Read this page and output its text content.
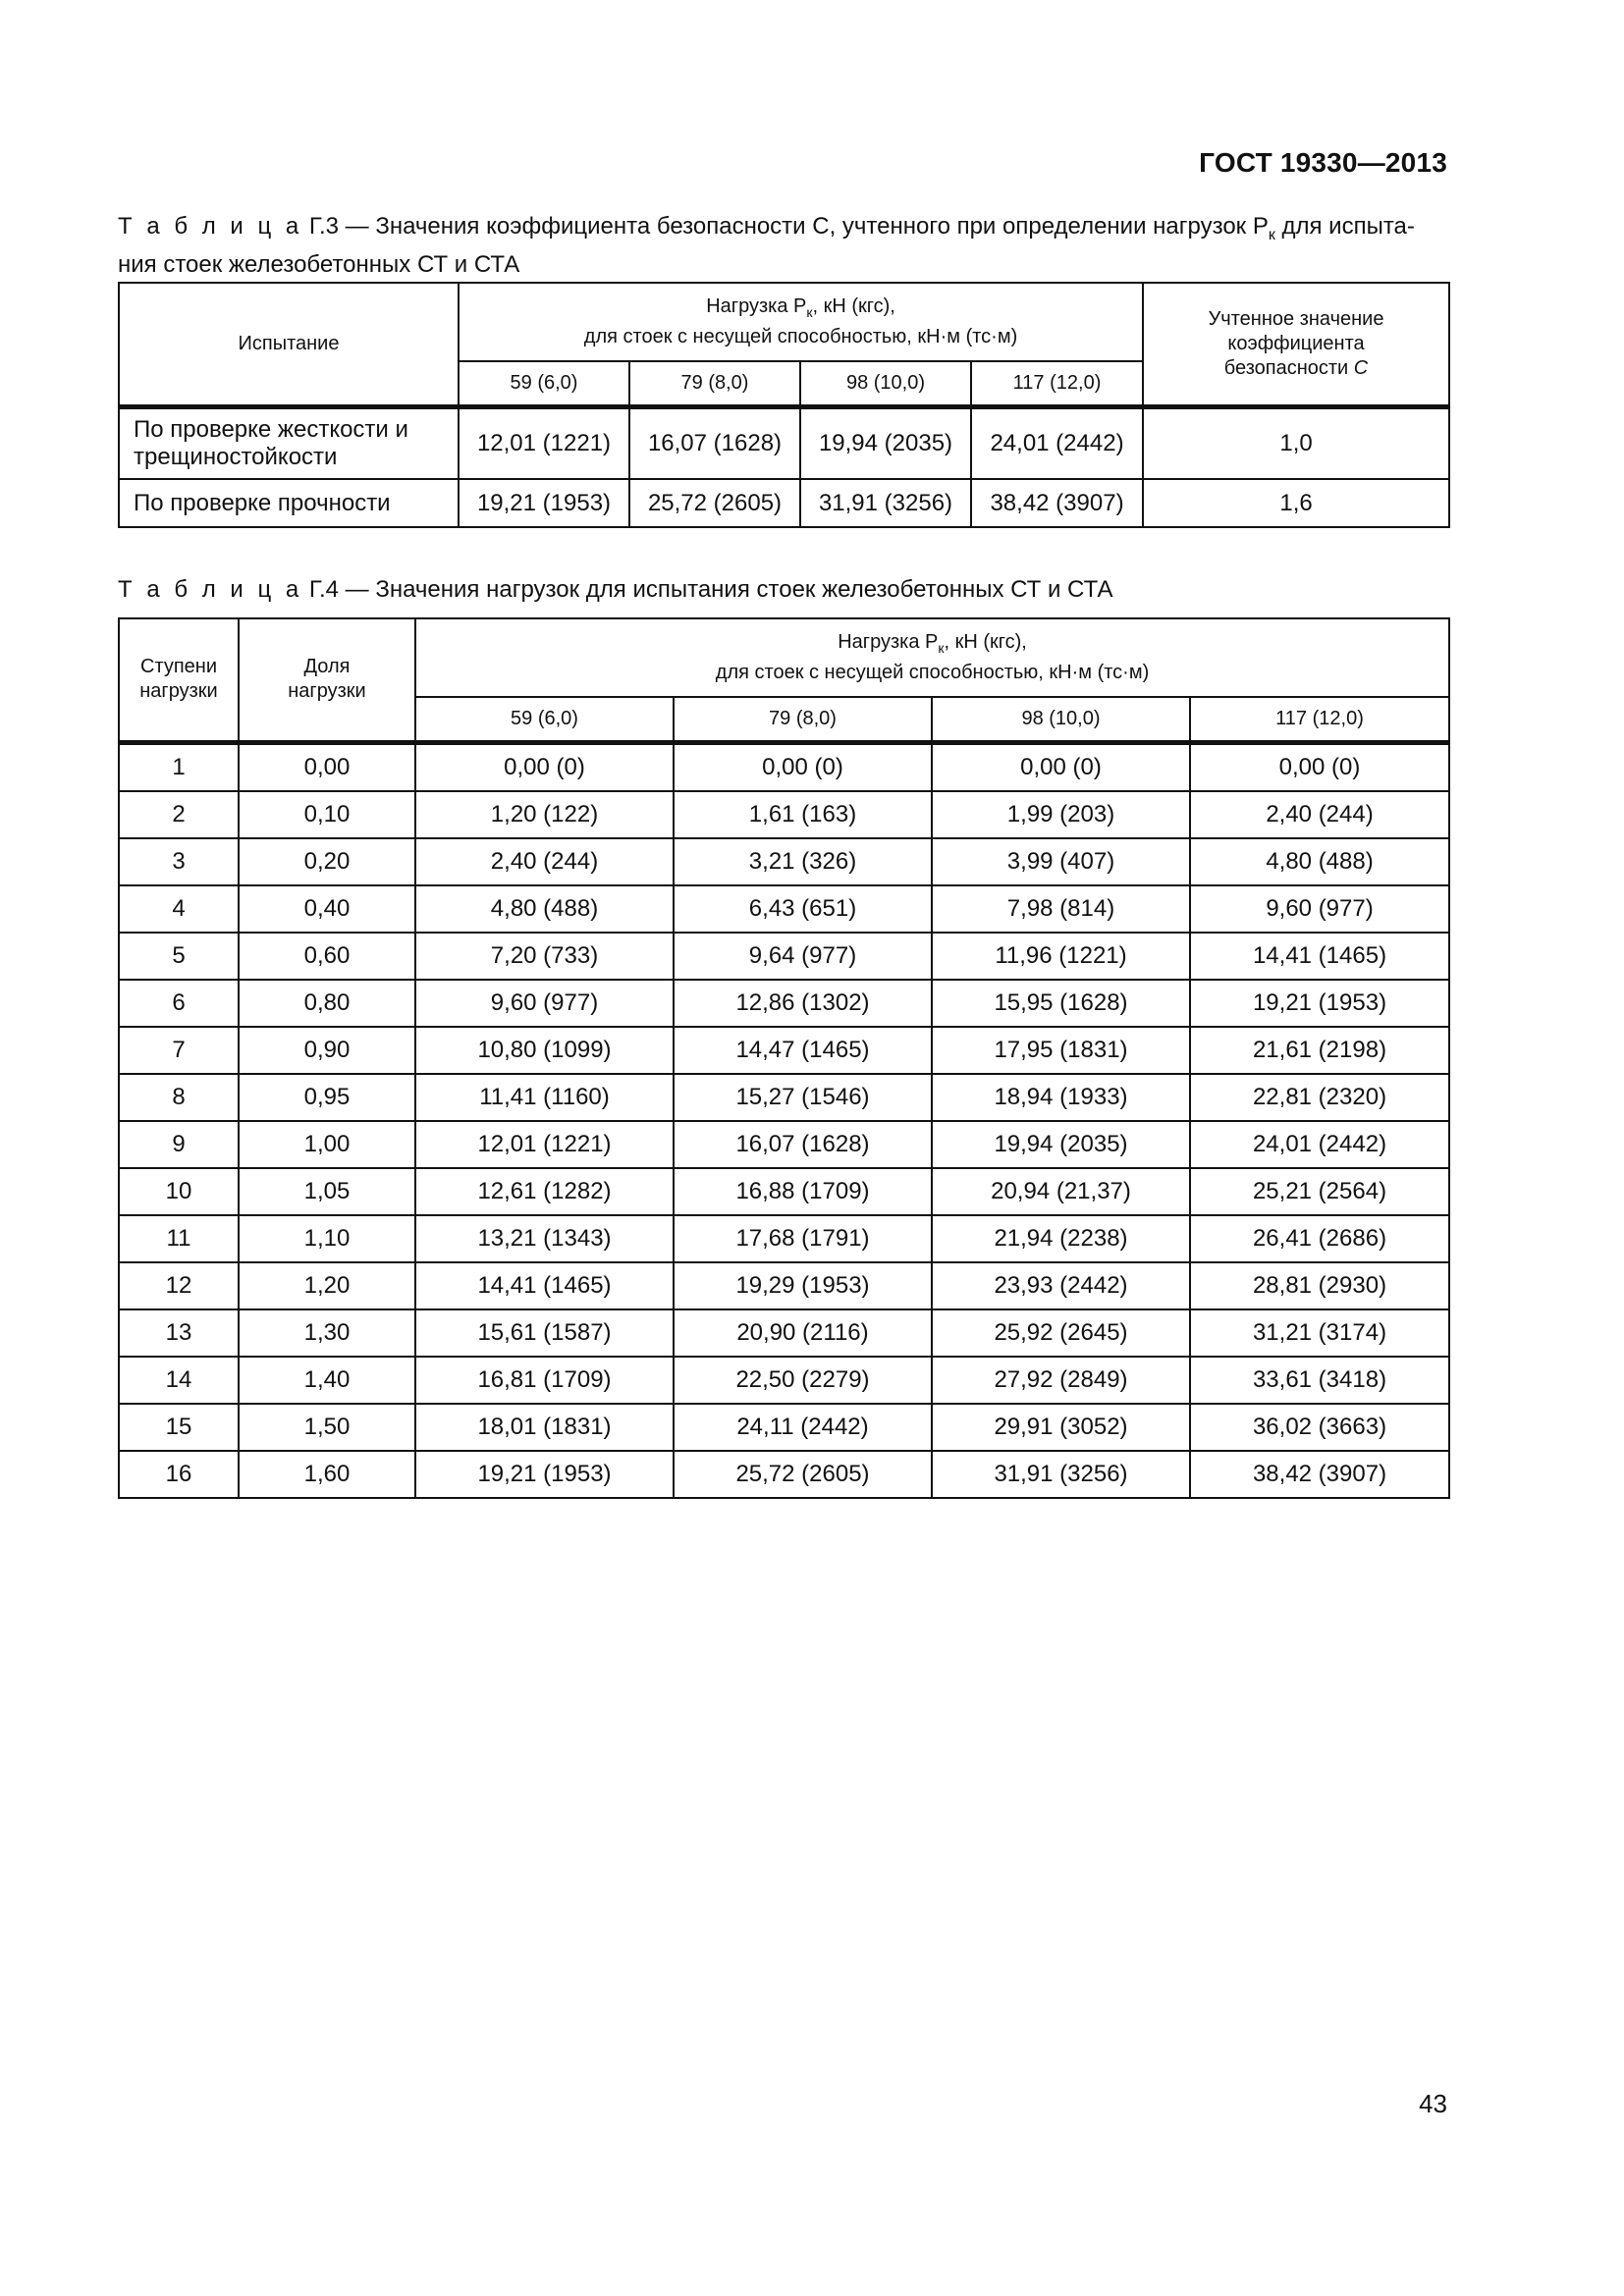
ГОСТ 19330—2013
Т а б л и ц а Г.3 — Значения коэффициента безопасности С, учтенного при определении нагрузок $P_к$ для испыта-ния стоек железобетонных СТ и СТА
Испытание	Нагрузка $P_к$, кН (кгс),
для стоек с несущей способностью, кН·м (тс·м)				Учтенное значение коэффициента безопасности C
	59 (6,0)	79 (8,0)	98 (10,0)	117 (12,0)	
По проверке жесткости и трещиностойкости	12,01 (1221)	16,07 (1628)	19,94 (2035)	24,01 (2442)	1,0
По проверке прочности	19,21 (1953)	25,72 (2605)	31,91 (3256)	38,42 (3907)	1,6
Т а б л и ц а Г.4 — Значения нагрузок для испытания стоек железобетонных СТ и СТА
Ступени нагрузки	Доля нагрузки	Нагрузка $P_к$, кН (кгс),
для стоек с несущей способностью, кН·м (тс·м)			
		59 (6,0)	79 (8,0)	98 (10,0)	117 (12,0)
1	0,00	0,00 (0)	0,00 (0)	0,00 (0)	0,00 (0)
2	0,10	1,20 (122)	1,61 (163)	1,99 (203)	2,40 (244)
3	0,20	2,40 (244)	3,21 (326)	3,99 (407)	4,80 (488)
4	0,40	4,80 (488)	6,43 (651)	7,98 (814)	9,60 (977)
5	0,60	7,20 (733)	9,64 (977)	11,96 (1221)	14,41 (1465)
6	0,80	9,60 (977)	12,86 (1302)	15,95 (1628)	19,21 (1953)
7	0,90	10,80 (1099)	14,47 (1465)	17,95 (1831)	21,61 (2198)
8	0,95	11,41 (1160)	15,27 (1546)	18,94 (1933)	22,81 (2320)
9	1,00	12,01 (1221)	16,07 (1628)	19,94 (2035)	24,01 (2442)
10	1,05	12,61 (1282)	16,88 (1709)	20,94 (21,37)	25,21 (2564)
11	1,10	13,21 (1343)	17,68 (1791)	21,94 (2238)	26,41 (2686)
12	1,20	14,41 (1465)	19,29 (1953)	23,93 (2442)	28,81 (2930)
13	1,30	15,61 (1587)	20,90 (2116)	25,92 (2645)	31,21 (3174)
14	1,40	16,81 (1709)	22,50 (2279)	27,92 (2849)	33,61 (3418)
15	1,50	18,01 (1831)	24,11 (2442)	29,91 (3052)	36,02 (3663)
16	1,60	19,21 (1953)	25,72 (2605)	31,91 (3256)	38,42 (3907)
43
